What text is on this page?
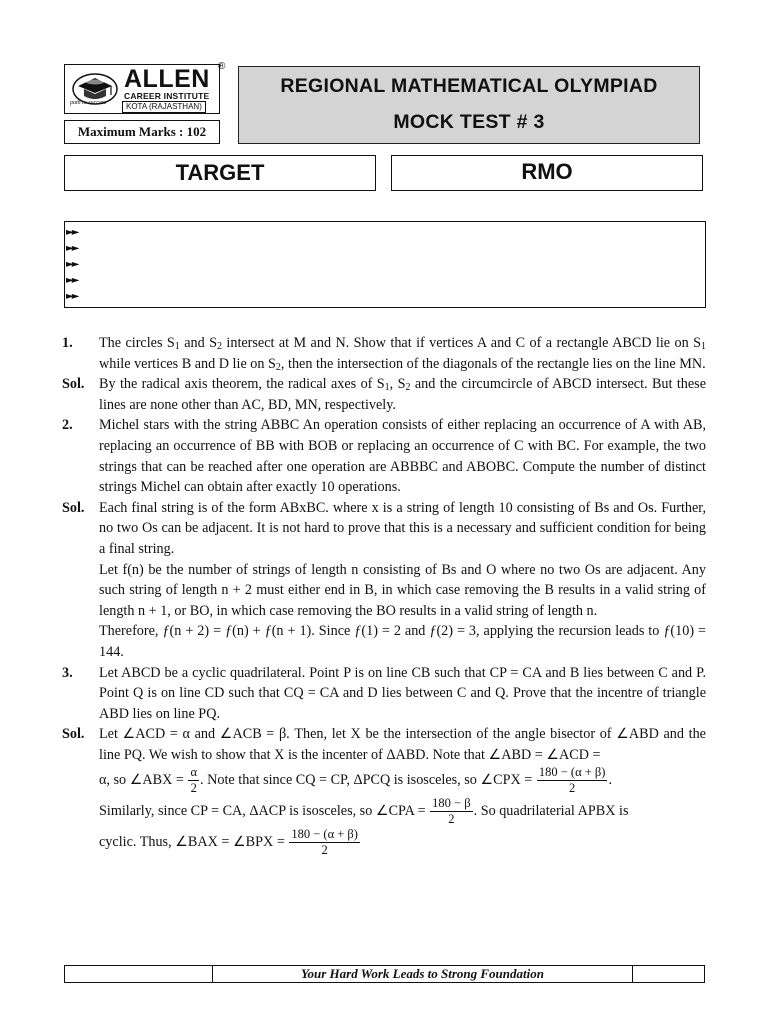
path to success
ALLEN
CAREER INSTITUTE
KOTA (RAJASTHAN)
®
Maximum Marks : 102
REGIONAL MATHEMATICAL OLYMPIAD
MOCK TEST # 3
TARGET	RMO
►►
►►
►►
►►
►►
1.	The circles $S_1$ and $S_2$ intersect at M and N. Show that if vertices A and C of a rectangle ABCD lie on $S_1$ while vertices B and D lie on $S_2$, then the intersection of the diagonals of the rectangle lies on the line MN.
Sol.	By the radical axis theorem, the radical axes of $S_1$, $S_2$ and the circumcircle of ABCD intersect. But these lines are none other than AC, BD, MN, respectively.
2.	Michel stars with the string ABBC An operation consists of either replacing an occurrence of A with AB, replacing an occurrence of BB with BOB or replacing an occurrence of C with BC. For example, the two strings that can be reached after one operation are ABBBC and ABOBC. Compute the number of distinct strings Michel can obtain after exactly 10 operations.
Sol.	Each final string is of the form ABxBC. where x is a string of length 10 consisting of Bs and Os. Further, no two Os can be adjacent. It is not hard to prove that this is a necessary and sufficient condition for being a final string.

Let f(n) be the number of strings of length n consisting of Bs and O where no two Os are adjacent. Any such string of length n + 2 must either end in B, in which case removing the B results in a valid string of length n + 1, or BO, in which case removing the BO results in a valid string of length n.

Therefore, ƒ(n + 2) = ƒ(n) + ƒ(n + 1). Since ƒ(1) = 2 and ƒ(2) = 3, applying the recursion leads to ƒ(10) = 144.

3.	Let ABCD be a cyclic quadrilateral. Point P is on line CB such that CP = CA and B lies between C and P. Point Q is on line CD such that CQ = CA and D lies between C and Q. Prove that the incentre of triangle ABD lies on line PQ.
Sol.	Let ∠ACD = α and ∠ACB = β. Then, let X be the intersection of the angle bisector of ∠ABD and the line PQ. We wish to show that X is the incenter of ΔABD. Note that ∠ABD = ∠ACD =

α, so ∠ABX = $\frac{\alpha}{2}$ . Note that since CQ = CP, ΔPCQ is isosceles, so ∠CPX = $\frac{180 - (\alpha + \beta)}{2}$ .

Similarly, since CP = CA, ΔACP is isosceles, so ∠CPA = $\frac{180 - \beta}{2}$ . So quadrilaterial APBX is

cyclic. Thus, ∠BAX = ∠BPX = $\frac{180 - (\alpha + \beta)}{2}$

Your Hard Work Leads to Strong Foundation
